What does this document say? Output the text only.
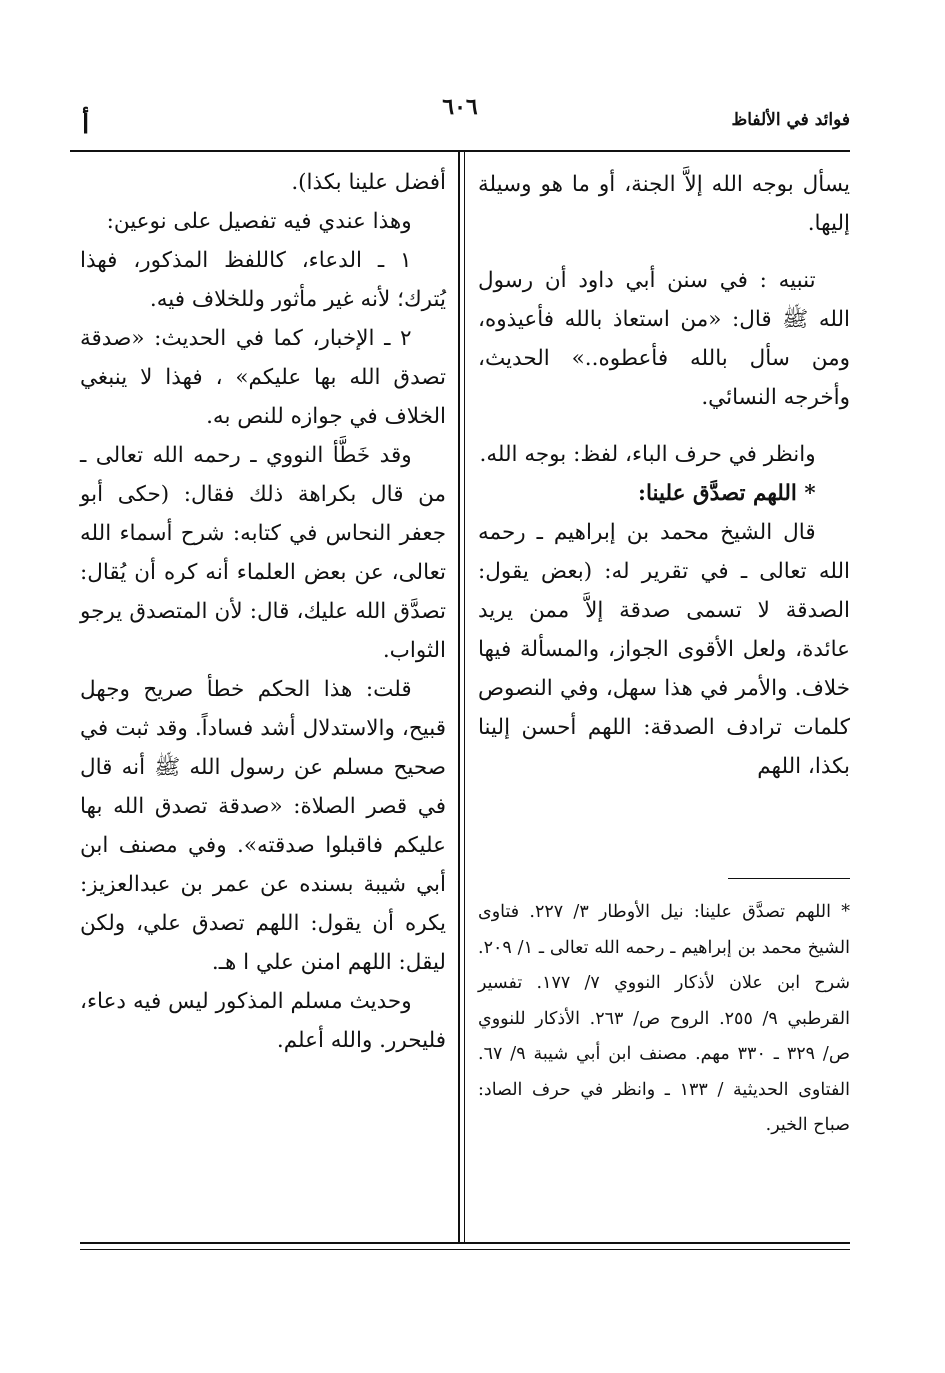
فوائد في الألفاظ
٦٠٦
أ

يسأل بوجه الله إلاَّ الجنة، أو ما هو وسيلة إليها.

تنبيه : في سنن أبي داود أن رسول الله ﷺ قال: «من استعاذ بالله فأعيذوه، ومن سأل بالله فأعطوه..» الحديث، وأخرجه النسائي.

وانظر في حرف الباء، لفظ: بوجه الله.

* اللهم تصدَّق علينا:

قال الشيخ محمد بن إبراهيم ـ رحمه الله تعالى ـ في تقرير له: (بعض يقول: الصدقة لا تسمى صدقة إلاَّ ممن يريد عائدة، ولعل الأقوى الجواز، والمسألة فيها خلاف. والأمر في هذا سهل، وفي النصوص كلمات ترادف الصدقة: اللهم أحسن إلينا بكذا، اللهم

* اللهم تصدَّق علينا: نيل الأوطار ٣/ ٢٢٧. فتاوى الشيخ محمد بن إبراهيم ـ رحمه الله تعالى ـ ١/ ٢٠٩. شرح ابن علان لأذكار النووي ٧/ ١٧٧. تفسير القرطبي ٩/ ٢٥٥. الروح ص/ ٢٦٣. الأذكار للنووي ص/ ٣٢٩ ـ ٣٣٠ مهم. مصنف ابن أبي شيبة ٩/ ٦٧. الفتاوى الحديثية / ١٣٣ ـ وانظر في حرف الصاد: صباح الخير.

أفضل علينا بكذا).

وهذا عندي فيه تفصيل على نوعين:

١ ـ الدعاء، كاللفظ المذكور، فهذا يُترك؛ لأنه غير مأثور وللخلاف فيه.

٢ ـ الإخبار، كما في الحديث: «صدقة تصدق الله بها عليكم» ، فهذا لا ينبغي الخلاف في جوازه للنص به.

وقد خَطَّأ النووي ـ رحمه الله تعالى ـ من قال بكراهة ذلك فقال: (حكى أبو جعفر النحاس في كتابه: شرح أسماء الله تعالى، عن بعض العلماء أنه كره أن يُقال: تصدَّق الله عليك، قال: لأن المتصدق يرجو الثواب.

قلت: هذا الحكم خطأ صريح وجهل قبيح، والاستدلال أشد فساداً. وقد ثبت في صحيح مسلم عن رسول الله ﷺ أنه قال في قصر الصلاة: «صدقة تصدق الله بها عليكم فاقبلوا صدقته». وفي مصنف ابن أبي شيبة بسنده عن عمر بن عبدالعزيز: يكره أن يقول: اللهم تصدق علي، ولكن ليقل: اللهم امنن علي ا هـ.

وحديث مسلم المذكور ليس فيه دعاء، فليحرر. والله أعلم.
